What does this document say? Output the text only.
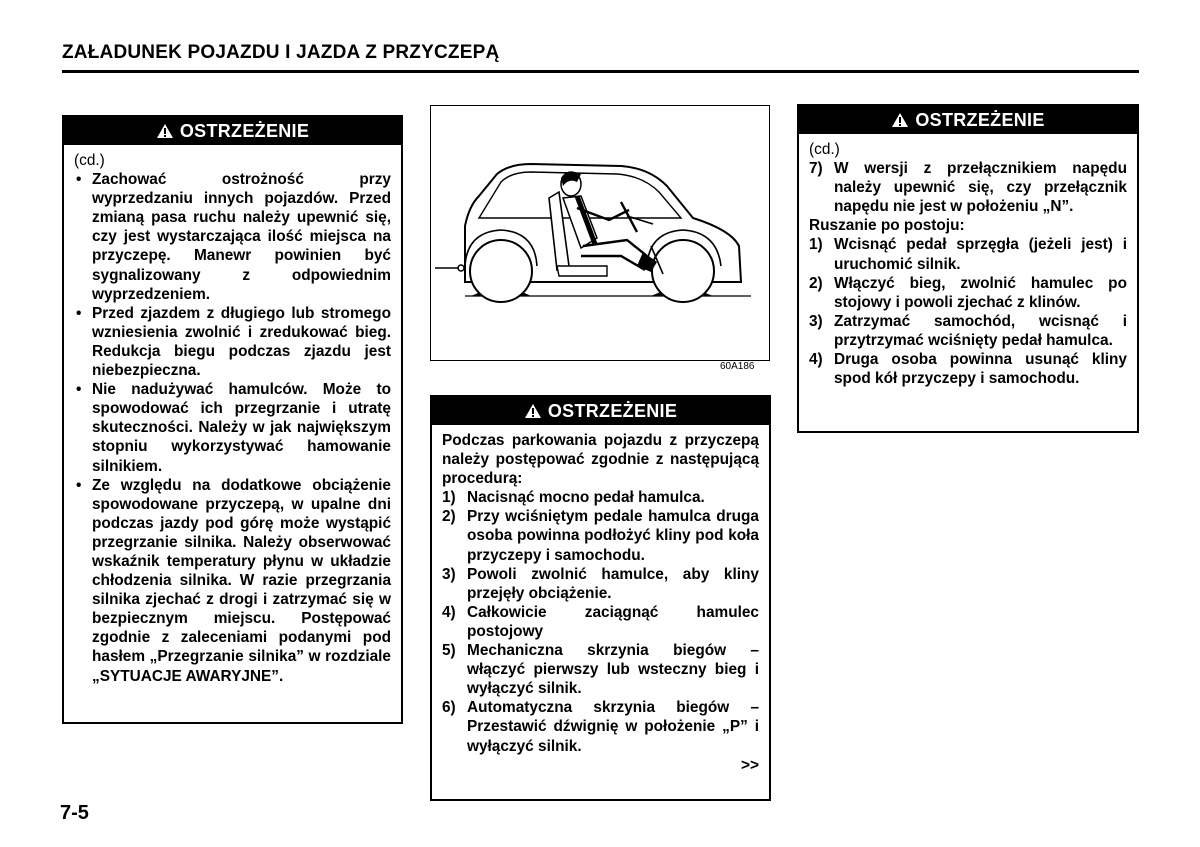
ZAŁADUNEK POJAZDU I JAZDA Z PRZYCZEPĄ
OSTRZEŻENIE
(cd.)
• Zachować ostrożność przy wyprzedzaniu innych pojazdów. Przed zmianą pasa ruchu należy upewnić się, czy jest wystarczająca ilość miejsca na przyczepę. Manewr powinien być sygnalizowany z odpowiednim wyprzedzeniem.
• Przed zjazdem z długiego lub stromego wzniesienia zwolnić i zredukować bieg. Redukcja biegu podczas zjazdu jest niebezpieczna.
• Nie nadużywać hamulców. Może to spowodować ich przegrzanie i utratę skuteczności. Należy w jak największym stopniu wykorzystywać hamowanie silnikiem.
• Ze względu na dodatkowe obciążenie spowodowane przyczepą, w upalne dni podczas jazdy pod górę może wystąpić przegrzanie silnika. Należy obserwować wskaźnik temperatury płynu w układzie chłodzenia silnika. W razie przegrzania silnika zjechać z drogi i zatrzymać się w bezpiecznym miejscu. Postępować zgodnie z zaleceniami podanymi pod hasłem „Przegrzanie silnika” w rozdziale „SYTUACJE AWARYJNE”.
60A186
OSTRZEŻENIE
Podczas parkowania pojazdu z przyczepą należy postępować zgodnie z następującą procedurą:
1) Nacisnąć mocno pedał hamulca.
2) Przy wciśniętym pedale hamulca druga osoba powinna podłożyć kliny pod koła przyczepy i samochodu.
3) Powoli zwolnić hamulce, aby kliny przejęły obciążenie.
4) Całkowicie zaciągnąć hamulec postojowy
5) Mechaniczna skrzynia biegów – włączyć pierwszy lub wsteczny bieg i wyłączyć silnik.
6) Automatyczna skrzynia biegów – Przestawić dźwignię w położenie „P” i wyłączyć silnik.
>>
OSTRZEŻENIE
(cd.)
7) W wersji z przełącznikiem napędu należy upewnić się, czy przełącznik napędu nie jest w położeniu „N”.
Ruszanie po postoju:
1) Wcisnąć pedał sprzęgła (jeżeli jest) i uruchomić silnik.
2) Włączyć bieg, zwolnić hamulec po stojowy i powoli zjechać z klinów.
3) Zatrzymać samochód, wcisnąć i przytrzymać wciśnięty pedał hamulca.
4) Druga osoba powinna usunąć kliny spod kół przyczepy i samochodu.
7-5
